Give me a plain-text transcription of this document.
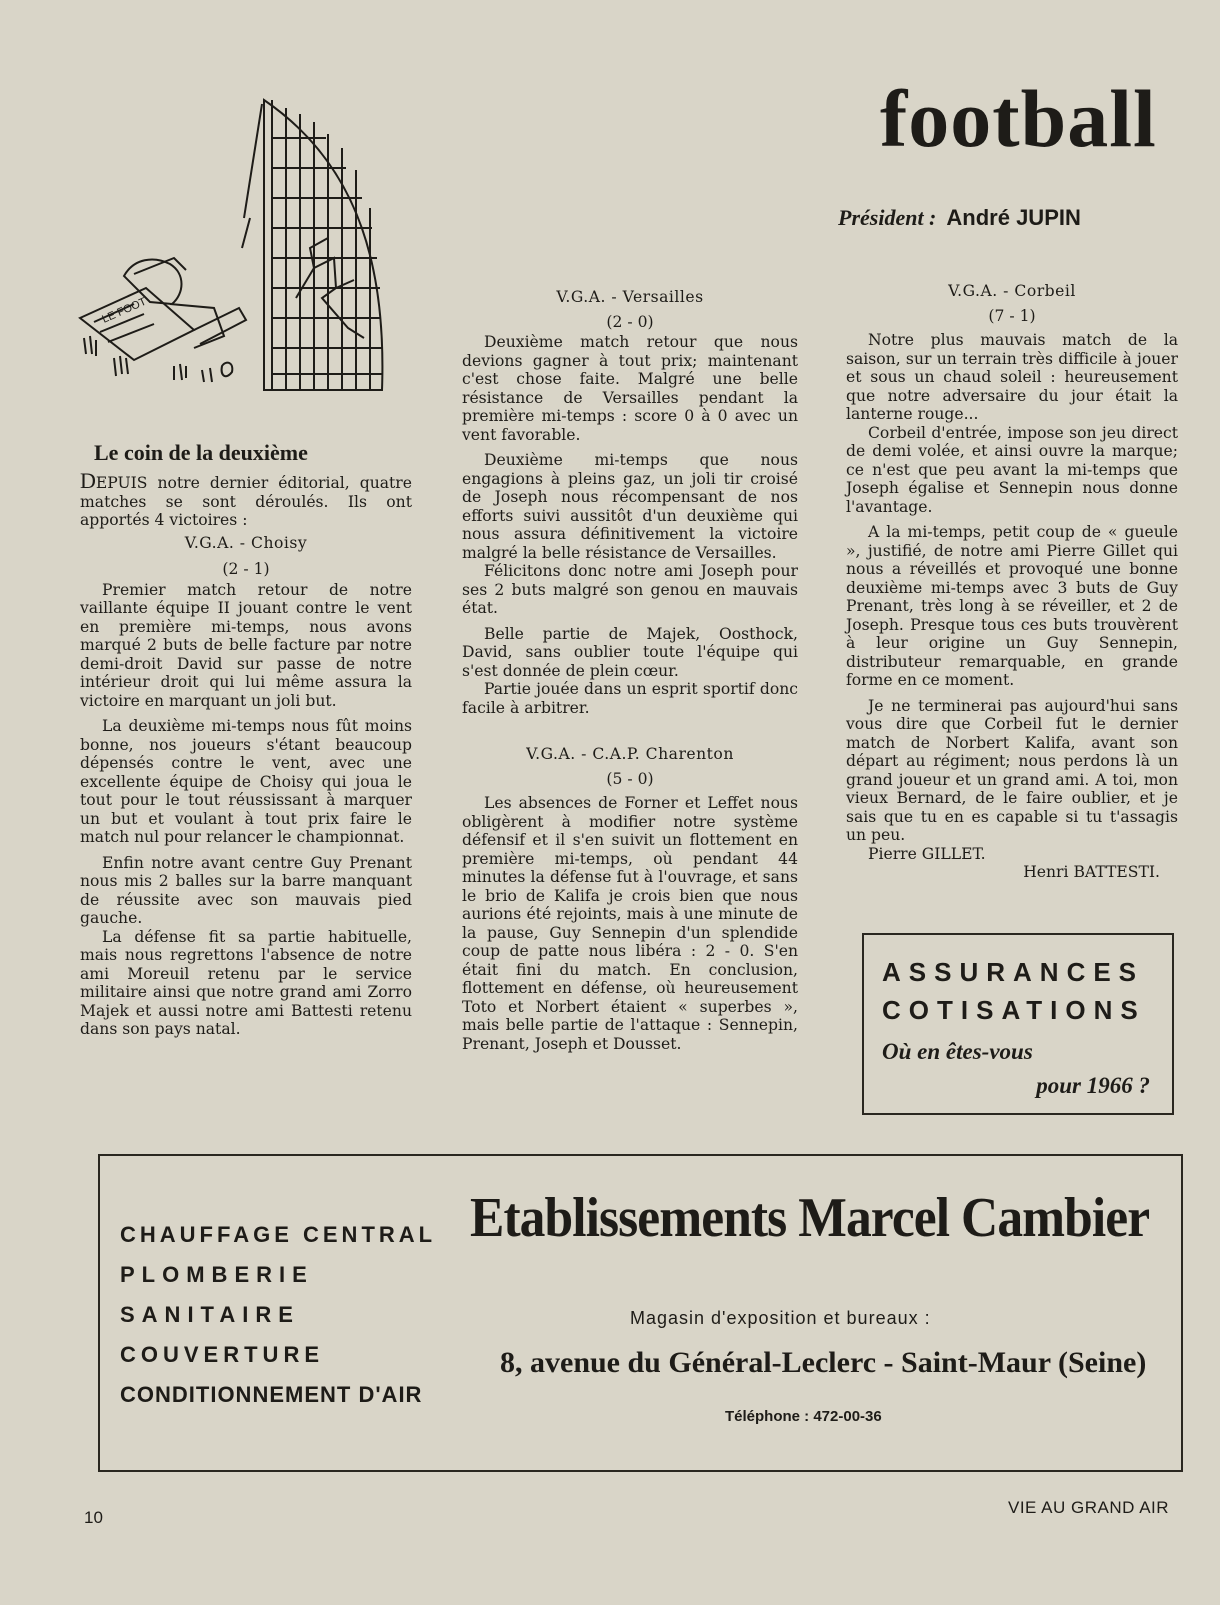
football
Président : André JUPIN
LE FOOT
Le coin de la deuxième

DEPUIS notre dernier éditorial, quatre matches se sont déroulés. Ils ont apportés 4 victoires :

V.G.A. - Choisy

(2 - 1)

Premier match retour de notre vaillante équipe II jouant contre le vent en première mi-temps, nous avons marqué 2 buts de belle facture par notre demi-droit David sur passe de notre intérieur droit qui lui même assura la victoire en marquant un joli but.

La deuxième mi-temps nous fût moins bonne, nos joueurs s'étant beaucoup dépensés contre le vent, avec une excellente équipe de Choisy qui joua le tout pour le tout réussissant à marquer un but et voulant à tout prix faire le match nul pour relancer le championnat.

Enfin notre avant centre Guy Prenant nous mis 2 balles sur la barre manquant de réussite avec son mauvais pied gauche.

La défense fit sa partie habituelle, mais nous regrettons l'absence de notre ami Moreuil retenu par le service militaire ainsi que notre grand ami Zorro Majek et aussi notre ami Battesti retenu dans son pays natal.

V.G.A. - Versailles

(2 - 0)

Deuxième match retour que nous devions gagner à tout prix; maintenant c'est chose faite. Malgré une belle résistance de Versailles pendant la première mi-temps : score 0 à 0 avec un vent favorable.

Deuxième mi-temps que nous engagions à pleins gaz, un joli tir croisé de Joseph nous récompensant de nos efforts suivi aussitôt d'un deuxième qui nous assura définitivement la victoire malgré la belle résistance de Versailles.

Félicitons donc notre ami Joseph pour ses 2 buts malgré son genou en mauvais état.

Belle partie de Majek, Oosthock, David, sans oublier toute l'équipe qui s'est donnée de plein cœur.

Partie jouée dans un esprit sportif donc facile à arbitrer.

V.G.A. - C.A.P. Charenton

(5 - 0)

Les absences de Forner et Leffet nous obligèrent à modifier notre système défensif et il s'en suivit un flottement en première mi-temps, où pendant 44 minutes la défense fut à l'ouvrage, et sans le brio de Kalifa je crois bien que nous aurions été rejoints, mais à une minute de la pause, Guy Sennepin d'un splendide coup de patte nous libéra : 2 - 0. S'en était fini du match. En conclusion, flottement en défense, où heureusement Toto et Norbert étaient « superbes », mais belle partie de l'attaque : Sennepin, Prenant, Joseph et Dousset.

V.G.A. - Corbeil

(7 - 1)

Notre plus mauvais match de la saison, sur un terrain très difficile à jouer et sous un chaud soleil : heureusement que notre adversaire du jour était la lanterne rouge...

Corbeil d'entrée, impose son jeu direct de demi volée, et ainsi ouvre la marque; ce n'est que peu avant la mi-temps que Joseph égalise et Sennepin nous donne l'avantage.

A la mi-temps, petit coup de « gueule », justifié, de notre ami Pierre Gillet qui nous a réveillés et provoqué une bonne deuxième mi-temps avec 3 buts de Guy Prenant, très long à se réveiller, et 2 de Joseph. Presque tous ces buts trouvèrent à leur origine un Guy Sennepin, distributeur remarquable, en grande forme en ce moment.

Je ne terminerai pas aujourd'hui sans vous dire que Corbeil fut le dernier match de Norbert Kalifa, avant son départ au régiment; nous perdons là un grand joueur et un grand ami. A toi, mon vieux Bernard, de le faire oublier, et je sais que tu en es capable si tu t'assagis un peu.

Pierre GILLET.

Henri BATTESTI.

ASSURANCES
COTISATIONS
Où en êtes-vous
pour 1966 ?
CHAUFFAGE CENTRAL
PLOMBERIE
SANITAIRE
COUVERTURE
CONDITIONNEMENT D'AIR
Etablissements Marcel Cambier
Magasin d'exposition et bureaux :
8, avenue du Général-Leclerc - Saint-Maur (Seine)
Téléphone : 472-00-36
10
VIE AU GRAND AIR
